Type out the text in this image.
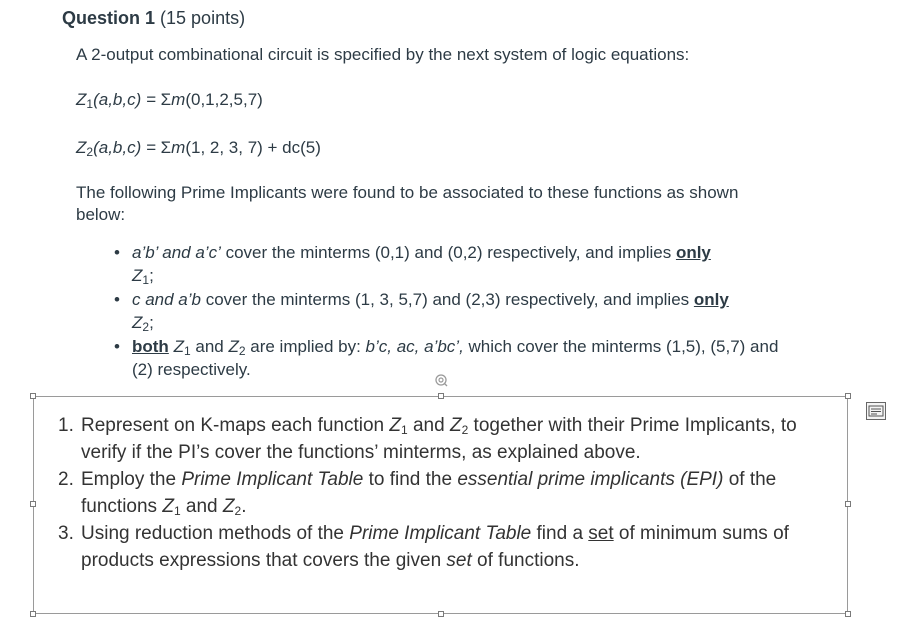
Question 1 (15 points)
A 2-output combinational circuit is specified by the next system of logic equations:
$Z_1(a,b,c) = \Sigma m(0,1,2,5,7)$
$Z_2(a,b,c) = \Sigma m(1$, 2, 3, 7) + dc(5)
The following Prime Implicants were found to be associated to these functions as shown below:
• a’b’ and a’c’ cover the minterms (0,1) and (0,2) respectively, and implies only
$Z_1$;
• c and a’b cover the minterms (1, 3, 5,7) and (2,3) respectively, and implies only
$Z_2$;
• both $Z_1$ and $Z_2$ are implied by: b’c, ac, a’bc’, which cover the minterms (1,5), (5,7) and (2) respectively.
1. Represent on K-maps each function $Z_1$ and $Z_2$ together with their Prime Implicants, to verify if the PI’s cover the functions’ minterms, as explained above.
2. Employ the Prime Implicant Table to find the essential prime implicants (EPI) of the functions $Z_1$ and $Z_2$.
3. Using reduction methods of the Prime Implicant Table find a set of minimum sums of products expressions that covers the given set of functions.
